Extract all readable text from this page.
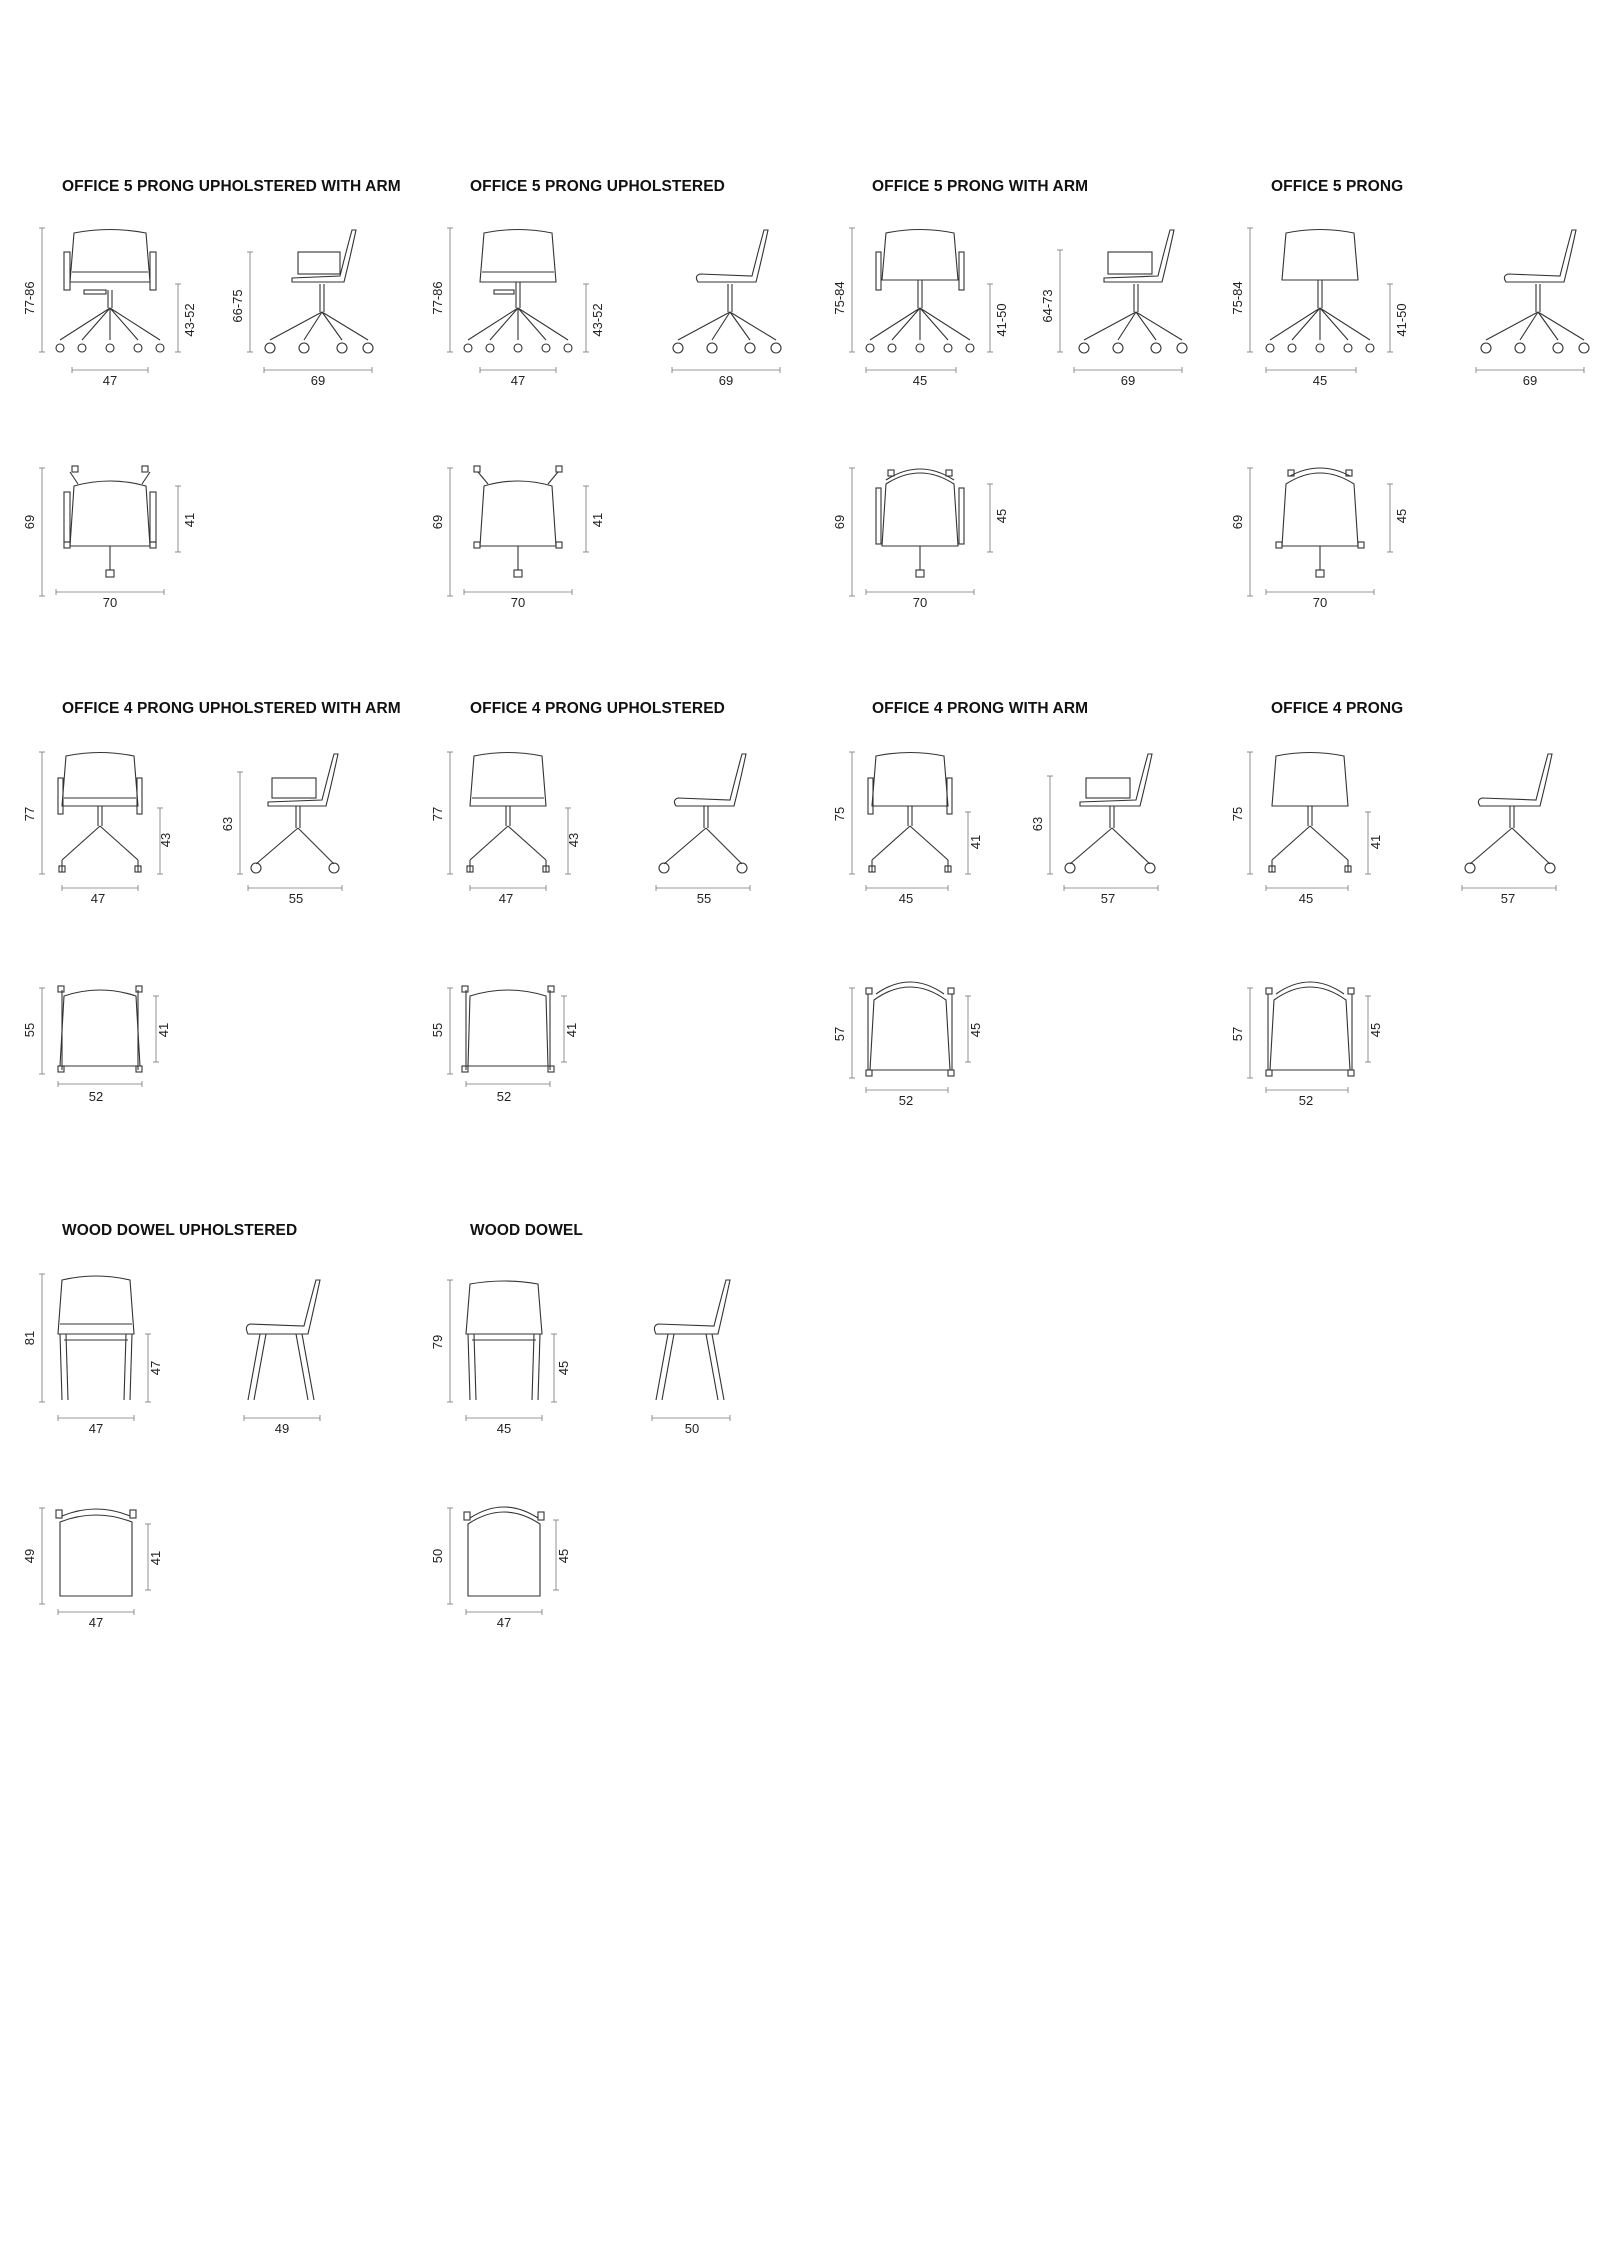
OFFICE 5 PRONG UPHOLSTERED WITH ARM	OFFICE 5 PRONG UPHOLSTERED	OFFICE 5 PRONG WITH ARM	OFFICE 5 PRONG
OFFICE 4 PRONG UPHOLSTERED WITH ARM	OFFICE 4 PRONG UPHOLSTERED	OFFICE 4 PRONG WITH ARM	OFFICE 4 PRONG
WOOD DOWEL UPHOLSTERED	WOOD DOWEL
77-86
43-52	66-75
47	69
69	41
70
77-86
43-52
47	69
69	41
70
75-84
41-50 64-73
45	69
69	45
70
75-84
41-50
45	69
69	45
70
77
43
63
47	55
55	41
52
77
43
47	55
55	41
52
75
41
63
45	57
57	45
52
75
41
45	57
57	45
52
81
47
47	49
49	41
47
79
45
45	50
50	45
47
